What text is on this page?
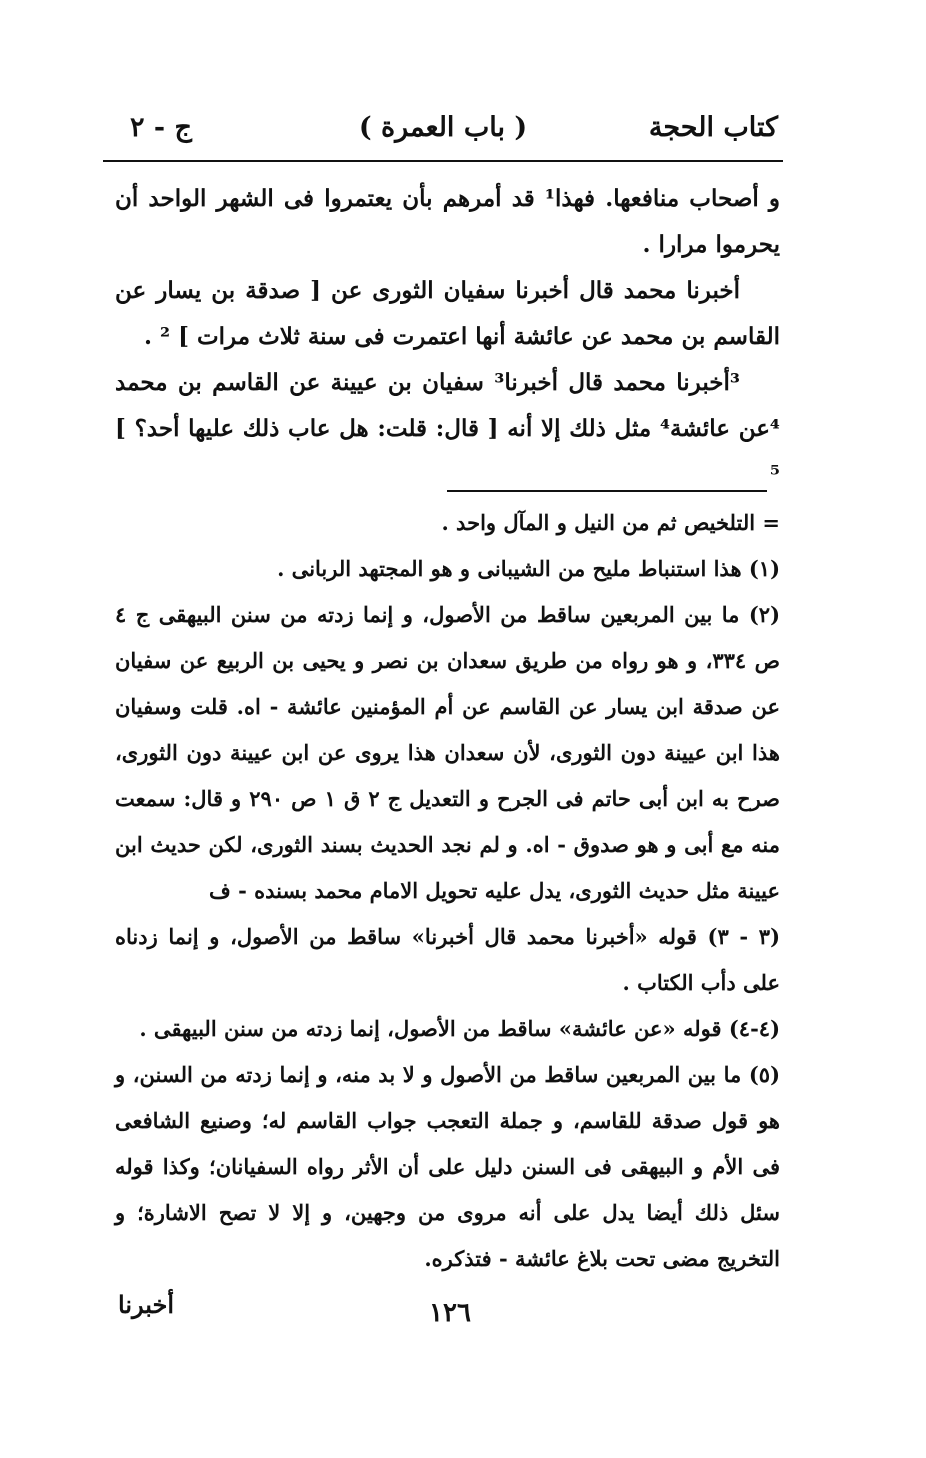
كتاب الحجة
( باب العمرة )
ج - ٢

و أصحاب منافعها. فهذا¹ قد أمرهم بأن يعتمروا فى الشهر الواحد أن يحرموا مرارا .

أخبرنا محمد قال أخبرنا سفيان الثورى عن [ صدقة بن يسار عن القاسم بن محمد عن عائشة أنها اعتمرت فى سنة ثلاث مرات ] ² .

³أخبرنا محمد قال أخبرنا³ سفيان بن عيينة عن القاسم بن محمد ⁴عن عائشة⁴ مثل ذلك إلا أنه [ قال: قلت: هل عاب ذلك عليها أحد؟ ] ⁵

= التلخيص ثم من النيل و المآل واحد .

(١) هذا استنباط مليح من الشيبانى و هو المجتهد الربانى .

(٢) ما بين المربعين ساقط من الأصول، و إنما زدته من سنن البيهقى ج ٤ ص ٣٣٤، و هو رواه من طريق سعدان بن نصر و يحيى بن الربيع عن سفيان عن صدقة ابن يسار عن القاسم عن أم المؤمنين عائشة - اه. قلت وسفيان هذا ابن عيينة دون الثورى، لأن سعدان هذا يروى عن ابن عيينة دون الثورى، صرح به ابن أبى حاتم فى الجرح و التعديل ج ٢ ق ١ ص ٢٩٠ و قال: سمعت منه مع أبى و هو صدوق - اه. و لم نجد الحديث بسند الثورى، لكن حديث ابن عيينة مثل حديث الثورى، يدل عليه تحويل الامام محمد بسنده - ف

(٣ - ٣) قوله «أخبرنا محمد قال أخبرنا» ساقط من الأصول، و إنما زدناه على دأب الكتاب .

(٤-٤) قوله «عن عائشة» ساقط من الأصول، إنما زدته من سنن البيهقى .

(٥) ما بين المربعين ساقط من الأصول و لا بد منه، و إنما زدته من السنن، و هو قول صدقة للقاسم، و جملة التعجب جواب القاسم له؛ وصنيع الشافعى فى الأم و البيهقى فى السنن دليل على أن الأثر رواه السفيانان؛ وكذا قوله سئل ذلك أيضا يدل على أنه مروى من وجهين، و إلا لا تصح الاشارة؛ و التخريج مضى تحت بلاغ عائشة - فتذكره.

١٢٦
أخبرنا
